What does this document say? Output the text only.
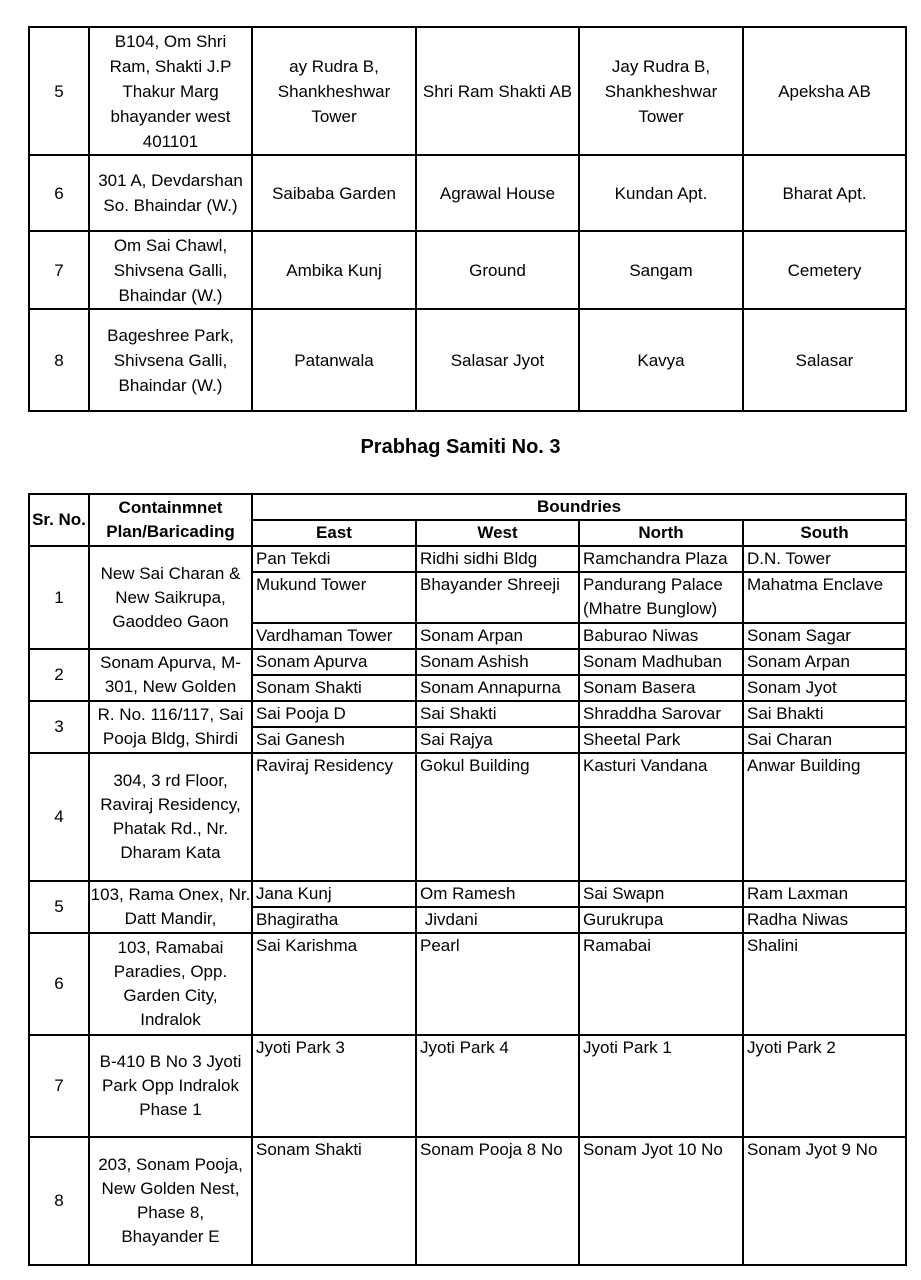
5	B104, Om Shri Ram, Shakti J.P Thakur Marg bhayander west 401101	ay Rudra B, Shankheshwar Tower	Shri Ram Shakti AB	Jay Rudra B, Shankheshwar Tower	Apeksha AB
6	301 A, Devdarshan So. Bhaindar (W.)	Saibaba Garden	Agrawal House	Kundan Apt.	Bharat Apt.
7	Om Sai Chawl, Shivsena Galli, Bhaindar (W.)	Ambika Kunj	Ground	Sangam	Cemetery
8	Bageshree Park, Shivsena Galli, Bhaindar (W.)	Patanwala	Salasar Jyot	Kavya	Salasar
Prabhag Samiti No. 3
Sr. No.	Containmnet Plan/Baricading	Boundries			
		East	West	North	South
1	New Sai Charan & New Saikrupa, Gaoddeo Gaon	Pan Tekdi	Ridhi sidhi Bldg	Ramchandra Plaza	D.N. Tower
		Mukund Tower	Bhayander Shreeji	Pandurang Palace (Mhatre Bunglow)	Mahatma Enclave
		Vardhaman Tower	Sonam Arpan	Baburao Niwas	Sonam Sagar
2	Sonam Apurva, M-301, New Golden	Sonam Apurva	Sonam Ashish	Sonam Madhuban	Sonam Arpan
		Sonam Shakti	Sonam Annapurna	Sonam Basera	Sonam Jyot
3	R. No. 116/117, Sai Pooja Bldg, Shirdi	Sai Pooja D	Sai Shakti	Shraddha Sarovar	Sai Bhakti
		Sai Ganesh	Sai Rajya	Sheetal Park	Sai Charan
4	304, 3 rd Floor, Raviraj Residency, Phatak Rd., Nr. Dharam Kata	Raviraj Residency	Gokul Building	Kasturi Vandana	Anwar Building
5	103, Rama Onex, Nr. Datt Mandir,	Jana Kunj	Om Ramesh	Sai Swapn	Ram Laxman
		Bhagiratha	Jivdani	Gurukrupa	Radha Niwas
6	103, Ramabai Paradies, Opp. Garden City, Indralok	Sai Karishma	Pearl	Ramabai	Shalini
7	B-410 B No 3 Jyoti Park Opp Indralok Phase 1	Jyoti Park 3	Jyoti Park 4	Jyoti Park 1	Jyoti Park 2
8	203, Sonam Pooja, New Golden Nest, Phase 8, Bhayander E	Sonam Shakti	Sonam Pooja 8 No	Sonam Jyot 10 No	Sonam Jyot 9 No
